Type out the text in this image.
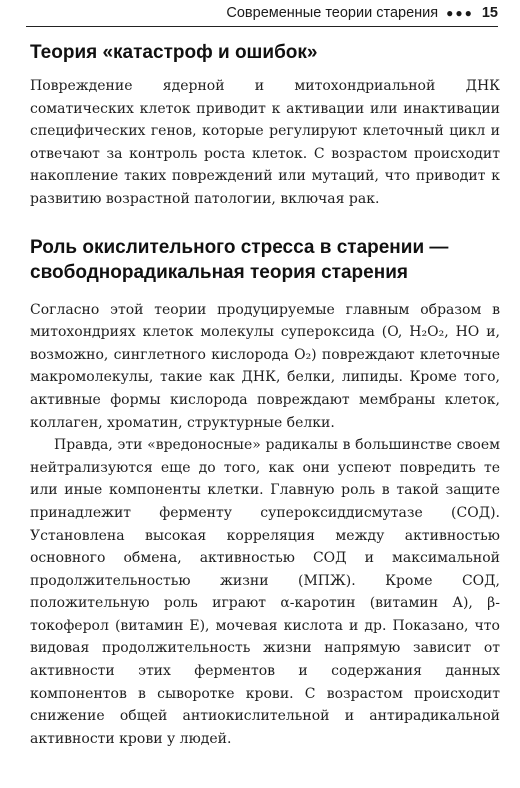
Современные теории старения ●●● 15
Теория «катастроф и ошибок»

Повреждение ядерной и митохондриальной ДНК соматических клеток приводит к активации или инактивации специфических генов, которые регулируют клеточный цикл и отвечают за контроль роста клеток. С возрастом происходит накопление таких повреждений или мутаций, что приводит к развитию возрастной патологии, включая рак.

Роль окислительного стресса в старении — свободнорадикальная теория старения

Согласно этой теории продуцируемые главным образом в митохондриях клеток молекулы супероксида (O, H₂O₂, HO и, возможно, синглетного кислорода O₂) повреждают клеточные макромолекулы, такие как ДНК, белки, липиды. Кроме того, активные формы кислорода повреждают мембраны клеток, коллаген, хроматин, структурные белки.

Правда, эти «вредоносные» радикалы в большинстве своем нейтрализуются еще до того, как они успеют повредить те или иные компоненты клетки. Главную роль в такой защите принадлежит ферменту супероксиддисмутазе (СОД). Установлена высокая корреляция между активностью основного обмена, активностью СОД и максимальной продолжительностью жизни (МПЖ). Кроме СОД, положительную роль играют α-каротин (витамин А), β-токоферол (витамин Е), мочевая кислота и др. Показано, что видовая продолжительность жизни напрямую зависит от активности этих ферментов и содержания данных компонентов в сыворотке крови. С возрастом происходит снижение общей антиокислительной и антирадикальной активности крови у людей.
